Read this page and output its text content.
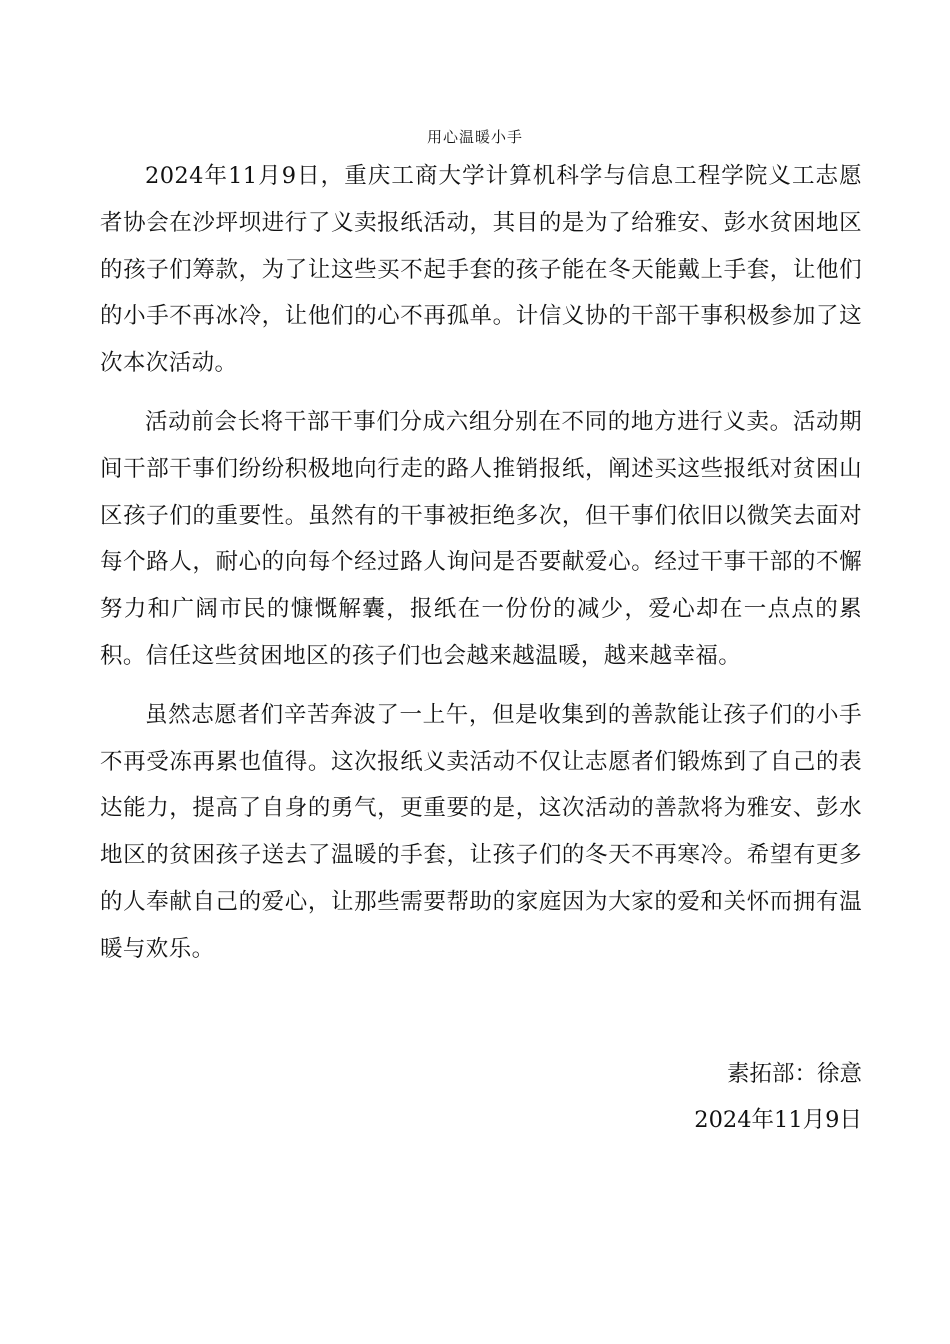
用心温暖小手

2024年11月9日，重庆工商大学计算机科学与信息工程学院义工志愿者协会在沙坪坝进行了义卖报纸活动，其目的是为了给雅安、彭水贫困地区的孩子们筹款，为了让这些买不起手套的孩子能在冬天能戴上手套，让他们的小手不再冰冷，让他们的心不再孤单。计信义协的干部干事积极参加了这次本次活动。

活动前会长将干部干事们分成六组分别在不同的地方进行义卖。活动期间干部干事们纷纷积极地向行走的路人推销报纸，阐述买这些报纸对贫困山区孩子们的重要性。虽然有的干事被拒绝多次，但干事们依旧以微笑去面对每个路人，耐心的向每个经过路人询问是否要献爱心。经过干事干部的不懈努力和广阔市民的慷慨解囊，报纸在一份份的减少，爱心却在一点点的累积。信任这些贫困地区的孩子们也会越来越温暖，越来越幸福。

虽然志愿者们辛苦奔波了一上午，但是收集到的善款能让孩子们的小手不再受冻再累也值得。这次报纸义卖活动不仅让志愿者们锻炼到了自己的表达能力，提高了自身的勇气，更重要的是，这次活动的善款将为雅安、彭水地区的贫困孩子送去了温暖的手套，让孩子们的冬天不再寒冷。希望有更多的人奉献自己的爱心，让那些需要帮助的家庭因为大家的爱和关怀而拥有温暖与欢乐。

素拓部：徐意
2024年11月9日
